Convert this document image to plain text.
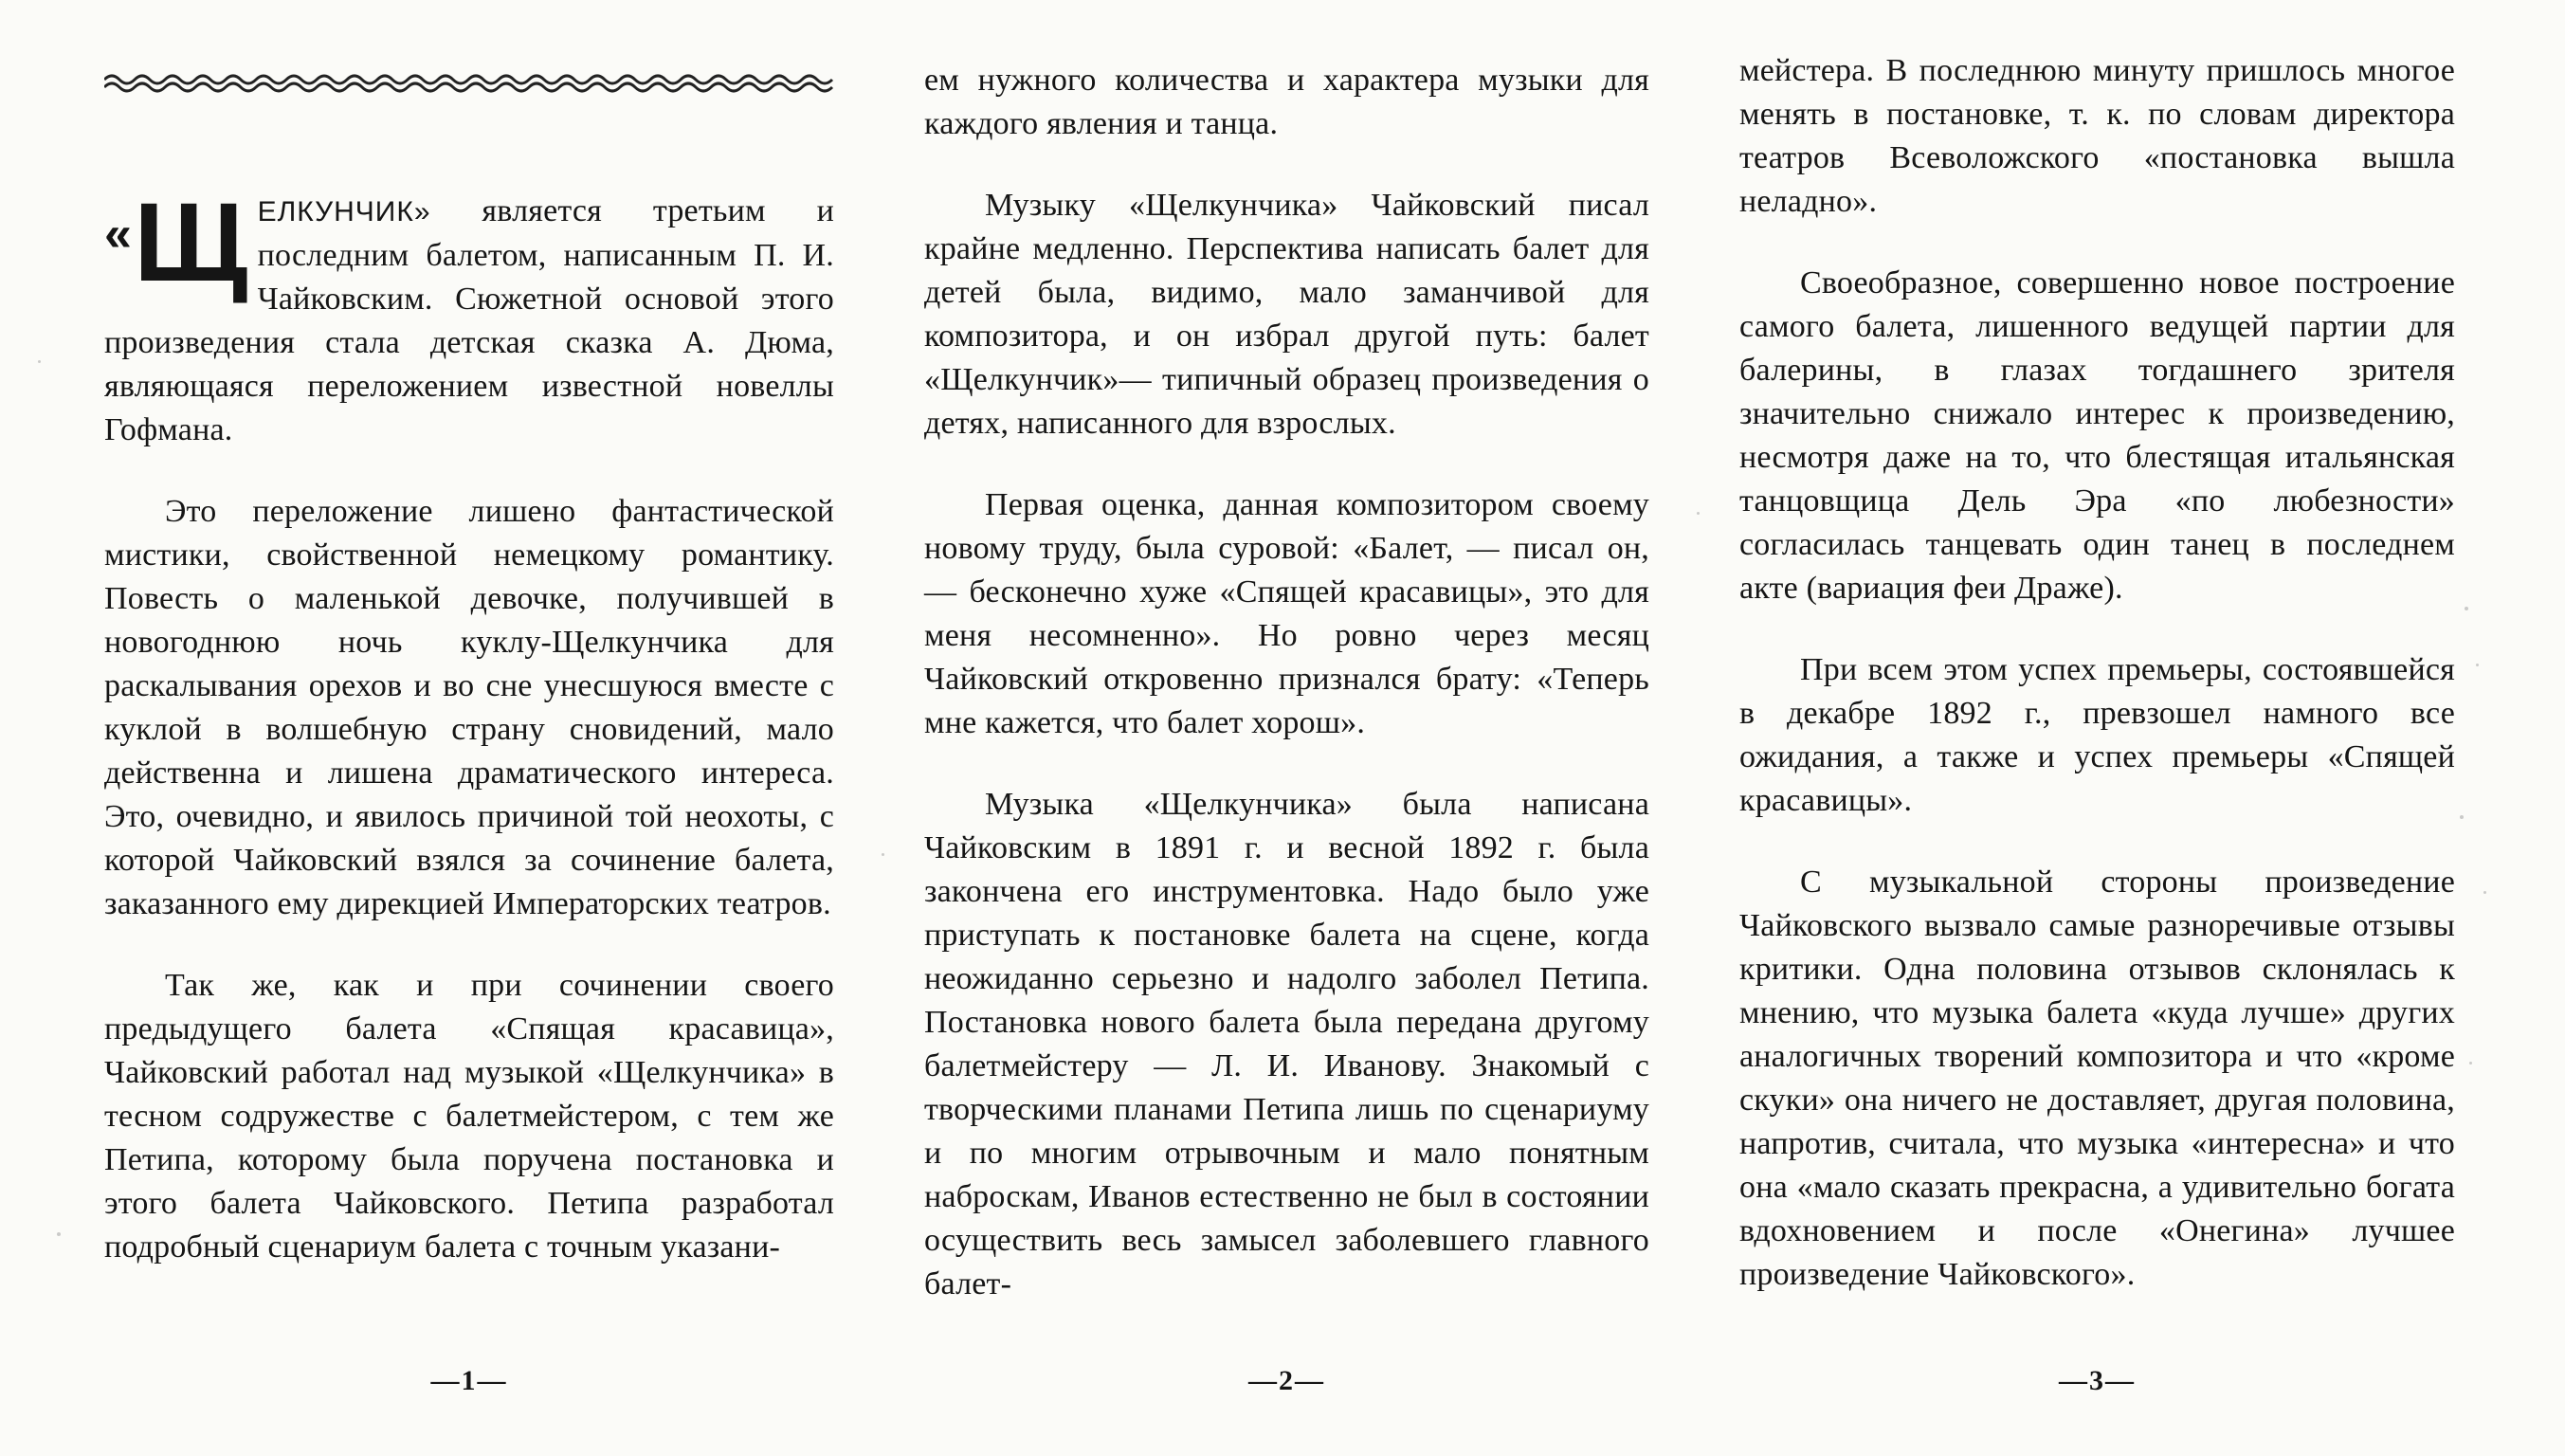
«Щ ЕЛКУНЧИК» является третьим и последним балетом, написанным П. И. Чайковским. Сюжетной основой этого произведения стала детская сказка А. Дюма, являющаяся переложением известной новеллы Гофмана.

Это переложение лишено фантастической мистики, свойственной немецкому романтику. Повесть о маленькой девочке, получившей в новогоднюю ночь куклу-Щелкунчика для раскалывания орехов и во сне унесшуюся вместе с куклой в волшебную страну сновидений, мало действенна и лишена драматического интереса. Это, очевидно, и явилось причиной той неохоты, с которой Чайковский взялся за сочинение балета, заказанного ему дирекцией Императорских театров.

Так же, как и при сочинении своего предыдущего балета «Спящая красавица», Чайковский работал над музыкой «Щелкунчика» в тесном содружестве с балетмейстером, с тем же Петипа, которому была поручена постановка и этого балета Чайковского. Петипа разработал подробный сценариум балета с точным указани-

—1—

ем нужного количества и характера музыки для каждого явления и танца.

Музыку «Щелкунчика» Чайковский писал крайне медленно. Перспектива написать балет для детей была, видимо, мало заманчивой для композитора, и он избрал другой путь: балет «Щелкунчик»— типичный образец произведения о детях, написанного для взрослых.

Первая оценка, данная композитором своему новому труду, была суровой: «Балет, — писал он, — бесконечно хуже «Спящей красавицы», это для меня несомненно». Но ровно через месяц Чайковский откровенно признался брату: «Теперь мне кажется, что балет хорош».

Музыка «Щелкунчика» была написана Чайковским в 1891 г. и весной 1892 г. была закончена его инструментовка. Надо было уже приступать к постановке балета на сцене, когда неожиданно серьезно и надолго заболел Петипа. Постановка нового балета была передана другому балетмейстеру — Л. И. Иванову. Знакомый с творческими планами Петипа лишь по сценариуму и по многим отрывочным и мало понятным наброскам, Иванов естественно не был в состоянии осуществить весь замысел заболевшего главного балет-

—2—

мейстера. В последнюю минуту пришлось многое менять в постановке, т. к. по словам директора театров Всеволожского «постановка вышла неладно».

Своеобразное, совершенно новое построение самого балета, лишенного ведущей партии для балерины, в глазах тогдашнего зрителя значительно снижало интерес к произведению, несмотря даже на то, что блестящая итальянская танцовщица Дель Эра «по любезности» согласилась танцевать один танец в последнем акте (вариация феи Драже).

При всем этом успех премьеры, состоявшейся в декабре 1892 г., превзошел намного все ожидания, а также и успех премьеры «Спящей красавицы».

С музыкальной стороны произведение Чайковского вызвало самые разноречивые отзывы критики. Одна половина отзывов склонялась к мнению, что музыка балета «куда лучше» других аналогичных творений композитора и что «кроме скуки» она ничего не доставляет, другая половина, напротив, считала, что музыка «интересна» и что она «мало сказать прекрасна, а удивительно богата вдохновением и после «Онегина» лучшее произведение Чайковского».

—3—
